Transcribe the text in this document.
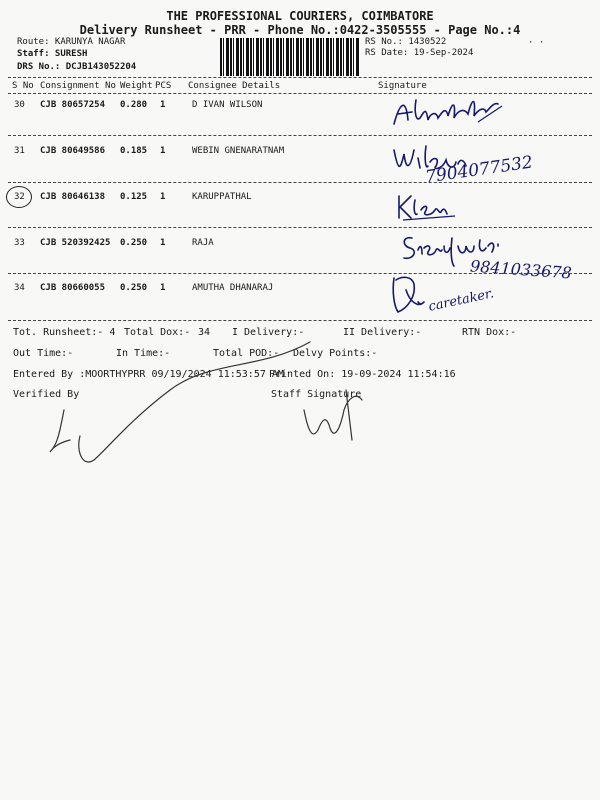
THE PROFESSIONAL COURIERS, COIMBATORE
Delivery Runsheet - PRR - Phone No.:0422-3505555 - Page No.:4
Route: KARUNYA NAGAR
Staff: SURESH
DRS No.: DCJB143052204
RS No.: 1430522
RS Date: 19-Sep-2024
· ·
S No Consignment No Weight PCS Consignee Details	Signature
30 CJB 80657254 0.280 1	D IVAN WILSON
31 CJB 80649586 0.185 1	WEBIN GNENARATNAM
7904077532
32 CJB 80646138 0.125 1	KARUPPATHAL
33 CJB 520392425 0.250 1	RAJA
9841033678
34 CJB 80660055 0.250 1	AMUTHA DHANARAJ	caretaker.
Tot. Runsheet:- 4 Total Dox:- 34 I Delivery:-	II Delivery:-	RTN Dox:-
Out Time:-	In Time:-	Total POD:- Delvy Points:-
Entered By :MOORTHYPRR 09/19/2024 11:53:57 AM
Printed On: 19-09-2024 11:54:16
Verified By	Staff Signature
